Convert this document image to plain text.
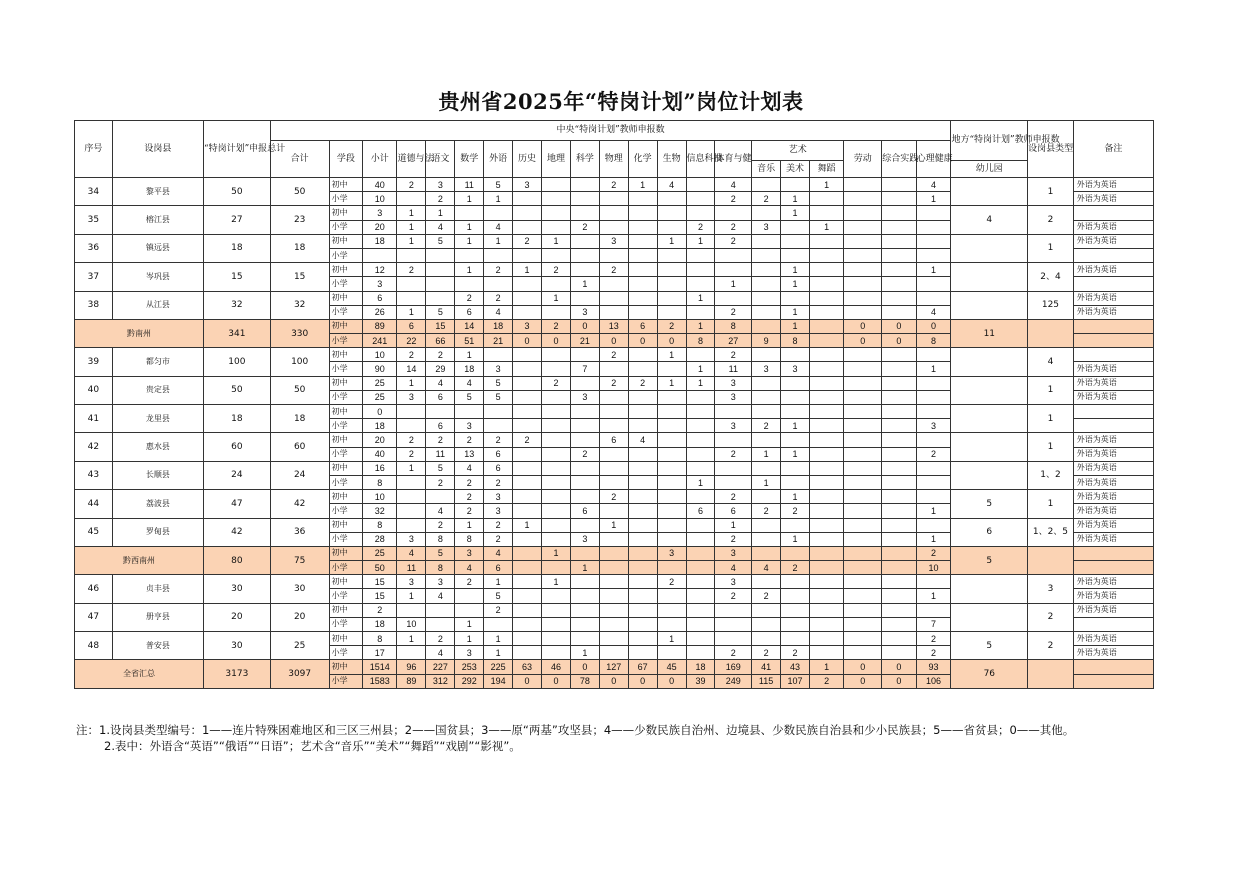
贵州省2025年“特岗计划”岗位计划表
序号	设岗县	“特岗计划”申报总计	中央“特岗计划”教师申报数																					地方“特岗计划”教师申报数	设岗县类型	备注
			合计	学段	小计	道德与法	语文	数学	外语	历史	地理	科学	物理	化学	生物	信息科技	体育与健	艺术			劳动	综合实践	心理健康			
																		音乐	美术	舞蹈				幼儿园		
34	黎平县	50	50	初中	40	2	3	11	5	3			2	1	4		4			1			4		1	外语为英语
				小学	10		2	1	1								2	2	1				1			外语为英语
35	榕江县	27	23	初中	3	1	1												1					4	2	
				小学	20	1	4	1	4			2				2	2	3		1						外语为英语
36	镇远县	18	18	初中	18	1	5	1	1	2	1		3		1	1	2								1	外语为英语
				小学																						
37	岑巩县	15	15	初中	12	2		1	2	1	2		2						1				1		2、4	外语为英语
				小学	3							1					1		1							
38	从江县	32	32	初中	6			2	2		1					1									125	外语为英语
				小学	26	1	5	6	4			3					2		1				4			外语为英语
黔南州		341	330	初中	89	6	15	14	18	3	2	0	13	6	2	1	8		1		0	0	0	11		
				小学	241	22	66	51	21	0	0	21	0	0	0	8	27	9	8		0	0	8			
39	都匀市	100	100	初中	10	2	2	1					2		1		2								4	
				小学	90	14	29	18	3			7				1	11	3	3				1			外语为英语
40	贵定县	50	50	初中	25	1	4	4	5		2		2	2	1	1	3								1	外语为英语
				小学	25	3	6	5	5			3					3									外语为英语
41	龙里县	18	18	初中	0																				1	
				小学	18		6	3									3	2	1				3			
42	惠水县	60	60	初中	20	2	2	2	2	2			6	4											1	外语为英语
				小学	40	2	11	13	6			2					2	1	1				2			外语为英语
43	长顺县	24	24	初中	16	1	5	4	6																1、2	外语为英语
				小学	8		2	2	2							1		1								外语为英语
44	荔波县	47	42	初中	10			2	3				2				2		1					5	1	外语为英语
				小学	32		4	2	3			6				6	6	2	2				1			外语为英语
45	罗甸县	42	36	初中	8		2	1	2	1			1				1							6	1、2、5	外语为英语
				小学	28	3	8	8	2			3					2		1				1			外语为英语
黔西南州		80	75	初中	25	4	5	3	4		1				3		3						2	5		
				小学	50	11	8	4	6			1					4	4	2				10			
46	贞丰县	30	30	初中	15	3	3	2	1		1				2		3								3	外语为英语
				小学	15	1	4		5								2	2					1			外语为英语
47	册亨县	20	20	初中	2				2																2	外语为英语
				小学	18	10		1															7			
48	普安县	30	25	初中	8	1	2	1	1						1								2	5	2	外语为英语
				小学	17		4	3	1			1					2	2	2				2			外语为英语
全省汇总		3173	3097	初中	1514	96	227	253	225	63	46	0	127	67	45	18	169	41	43	1	0	0	93	76		
				小学	1583	89	312	292	194	0	0	78	0	0	0	39	249	115	107	2	0	0	106			
注：1.设岗县类型编号：1——连片特殊困难地区和三区三州县；2——国贫县；3——原“两基”攻坚县；4——少数民族自治州、边境县、少数民族自治县和少小民族县；5——省贫县；0——其他。
2.表中：外语含“英语”“俄语”“日语”；艺术含“音乐”“美术”“舞蹈”“戏剧”“影视”。
